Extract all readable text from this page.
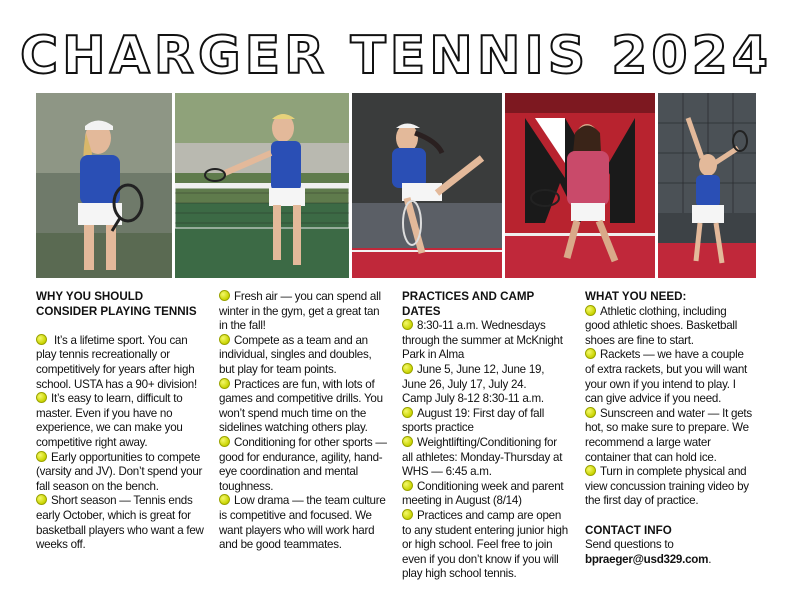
CHARGER TENNIS 2024
WHY YOU SHOULD CONSIDER PLAYING TENNIS

It’s a lifetime sport. You can play tennis recreationally or competitively for years after high school. USTA has a 90+ division!

It’s easy to learn, difficult to master. Even if you have no experience, we can make you competitive right away.

Early opportunities to compete (varsity and JV). Don’t spend your fall season on the bench.

Short season — Tennis ends early October, which is great for basketball players who want a few weeks off.

Fresh air — you can spend all winter in the gym, get a great tan in the fall!

Compete as a team and an individual, singles and doubles, but play for team points.

Practices are fun, with lots of games and competitive drills. You won’t spend much time on the sidelines watching others play.

Conditioning for other sports — good for endurance, agility, hand-eye coordination and mental toughness.

Low drama — the team culture is competitive and focused. We want players who will work hard and be good teammates.

PRACTICES AND CAMP DATES

8:30-11 a.m. Wednesdays through the summer at McKnight Park in Alma

June 5, June 12, June 19, June 26, July 17, July 24.

Camp July 8-12 8:30-11 a.m.

August 19: First day of fall sports practice

Weightlifting/Conditioning for all athletes: Monday-Thursday at WHS — 6:45 a.m.

Conditioning week and parent meeting in August (8/14)

Practices and camp are open to any student entering junior high or high school. Feel free to join even if you don’t know if you will play high school tennis.

WHAT YOU NEED:

Athletic clothing, including good athletic shoes. Basketball shoes are fine to start.

Rackets — we have a couple of extra rackets, but you will want your own if you intend to play. I can give advice if you need.

Sunscreen and water — It gets hot, so make sure to prepare. We recommend a large water container that can hold ice.

Turn in complete physical and view concussion training video by the first day of practice.

CONTACT INFO

Send questions to

bpraeger@usd329.com.
